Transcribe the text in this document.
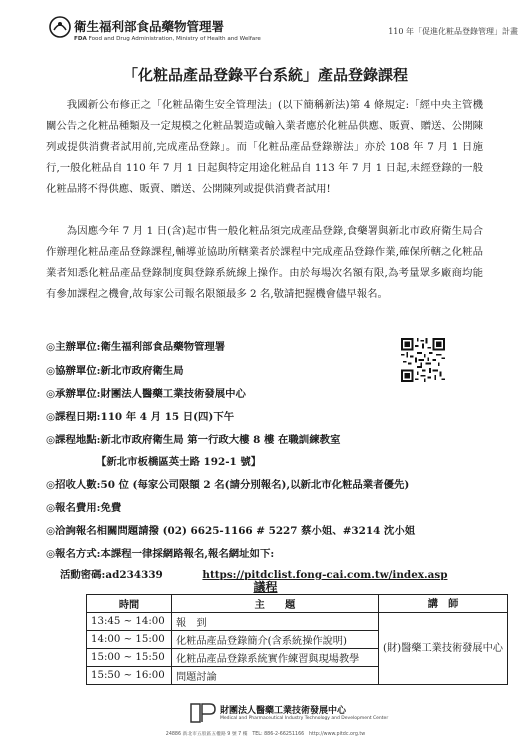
衛生福利部食品藥物管理署
FDA Food and Drug Administration, Ministry of Health and Welfare
110 年「促進化粧品登錄管理」計畫
「化粧品產品登錄平台系統」產品登錄課程

我國新公布修正之「化粧品衛生安全管理法」(以下簡稱新法)第 4 條規定:「經中央主管機關公告之化粧品種類及一定規模之化粧品製造或輸入業者應於化粧品供應、販賣、贈送、公開陳列或提供消費者試用前,完成產品登錄」。而「化粧品產品登錄辦法」亦於 108 年 7 月 1 日施行,一般化粧品自 110 年 7 月 1 日起與特定用途化粧品自 113 年 7 月 1 日起,未經登錄的一般化粧品將不得供應、販賣、贈送、公開陳列或提供消費者試用!

為因應今年 7 月 1 日(含)起市售一般化粧品須完成產品登錄,食藥署與新北市政府衛生局合作辦理化粧品產品登錄課程,輔導並協助所轄業者於課程中完成產品登錄作業,確保所轄之化粧品業者知悉化粧品產品登錄制度與登錄系統線上操作。由於每場次名額有限,為考量眾多廠商均能有參加課程之機會,故每家公司報名限額最多 2 名,敬請把握機會儘早報名。

◎主辦單位:衛生福利部食品藥物管理署
◎協辦單位:新北市政府衛生局
◎承辦單位:財團法人醫藥工業技術發展中心
◎課程日期:110 年 4 月 15 日(四)下午
◎課程地點:新北市政府衛生局 第一行政大樓 8 樓 在職訓練教室
【新北市板橋區英士路 192-1 號】
◎招收人數:50 位 (每家公司限額 2 名(請分別報名),以新北市化粧品業者優先)
◎報名費用:免費
◎洽詢報名相關問題請撥 (02) 6625-1166 # 5227 蔡小姐、#3214 沈小姐
◎報名方式:本課程一律採網路報名,報名網址如下:
活動密碼:ad234339	https://pitdclist.fong-cai.com.tw/index.asp
議程
時間	主　　題	講　師
13:45 ~ 14:00	報　到	(財)醫藥工業技術發展中心
14:00 ~ 15:00	化粧品產品登錄簡介(含系統操作說明)	
15:00 ~ 15:50	化粧品產品登錄系統實作練習與現場教學	
15:50 ~ 16:00	問題討論	
財團法人醫藥工業技術發展中心
Medical and Pharmaceutical Industry Technology and Development Center
24886 新北市五股區五權路 9 號 7 樓　TEL: 886-2-66251166　http://www.pitdc.org.tw
